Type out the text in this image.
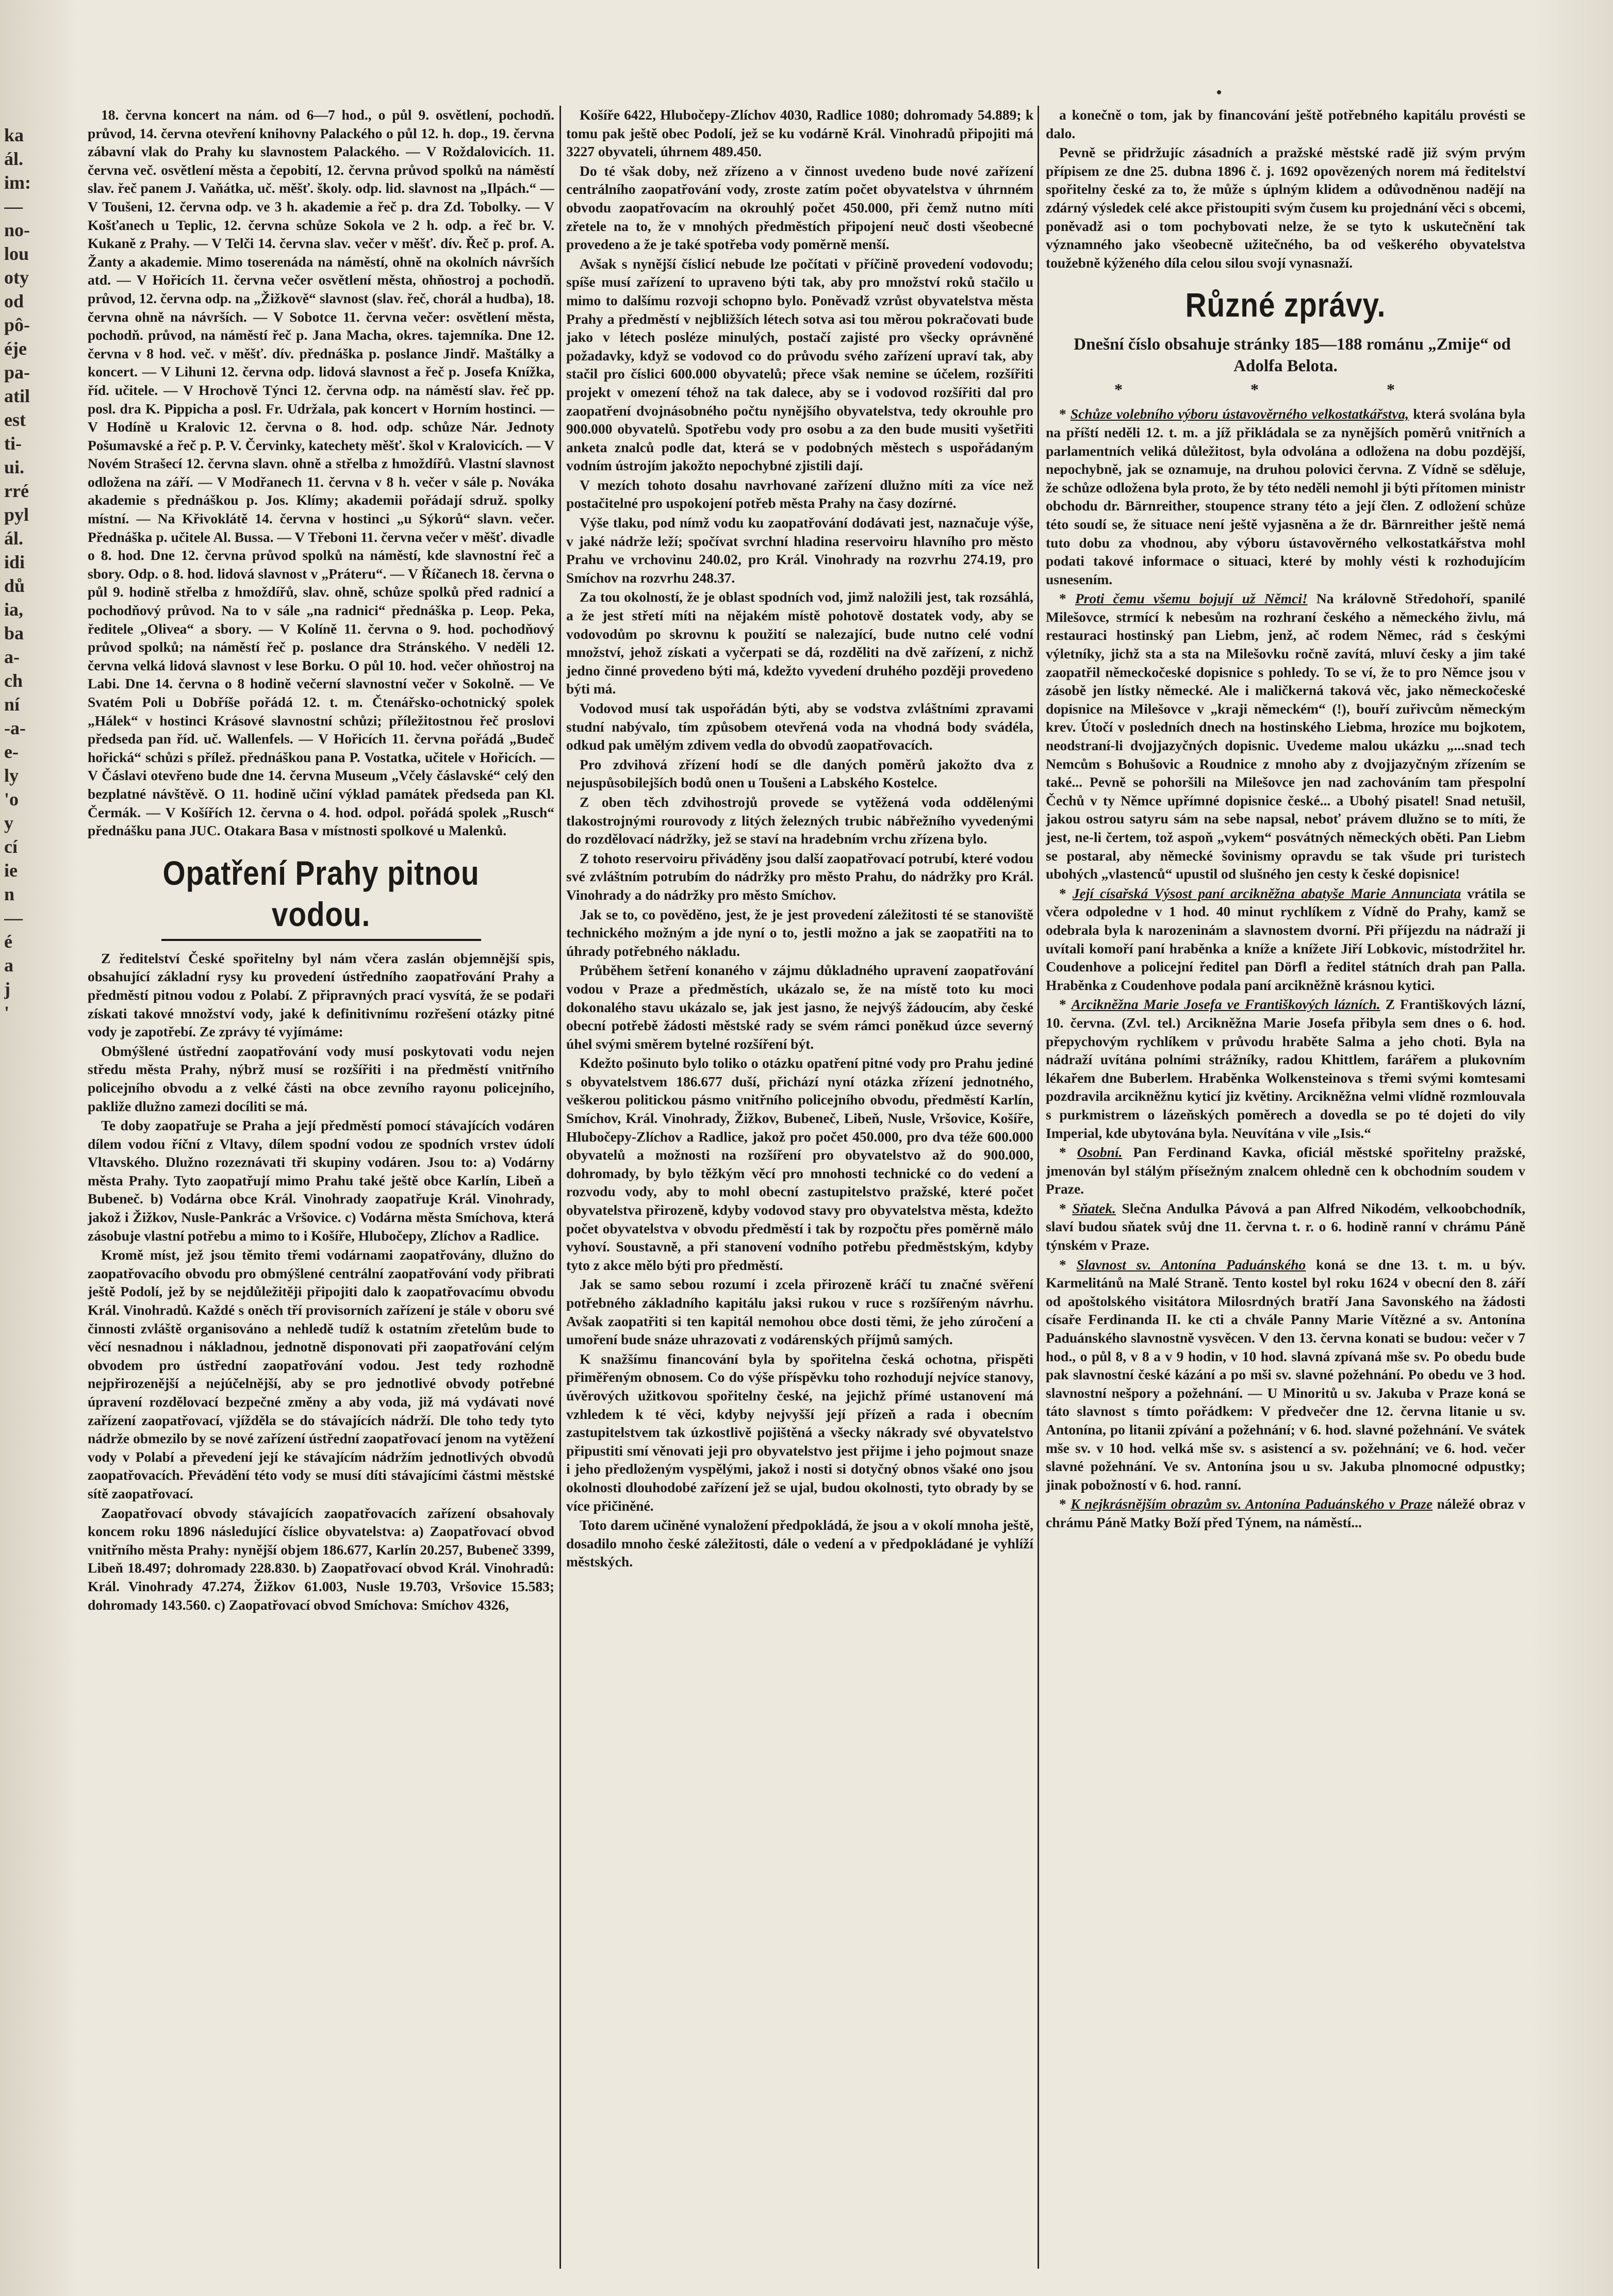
ka
ál.
im:
—
no-
lou
oty
od
pô-
éje
pa-
atil
est
ti-
ui.
rré
pyl
ál.
idi
dů
ia,
ba
a-
ch
ní
-a-
e-
ly
'o
y
cí
ie
n
—
é
a
j
'

18. června koncert na nám. od 6—7 hod., o půl 9. osvětlení, pochodň. průvod, 14. června otevření knihovny Palackého o půl 12. h. dop., 19. června zábavní vlak do Prahy ku slavnostem Palackého. — V Roždalovicích. 11. června več. osvětlení města a čepobití, 12. června průvod spolků na náměstí slav. řeč panem J. Vaňátka, uč. měšť. školy. odp. lid. slavnost na „Ilpách.“ —V Toušeni, 12. června odp. ve 3 h. akademie a řeč p. dra Zd. Tobolky. — V Košťanech u Teplic, 12. června schůze Sokola ve 2 h. odp. a řeč br. V. Kukaně z Prahy. — V Telči 14. června slav. večer v měšť. dív. Řeč p. prof. A. Žanty a akademie. Mimo toserenáda na náměstí, ohně na okolních návrších atd. — V Hořicích 11. června večer osvětlení města, ohňostroj a pochodň. průvod, 12. června odp. na „Žižkově“ slavnost (slav. řeč, chorál a hudba), 18. června ohně na návrších. — V Sobotce 11. června večer: osvětlení města, pochodň. průvod, na náměstí řeč p. Jana Macha, okres. tajemníka. Dne 12. června v 8 hod. več. v měšť. dív. přednáška p. poslance Jindř. Maštálky a koncert. — V Lihuni 12. června odp. lidová slavnost a řeč p. Josefa Knížka, říd. učitele. — V Hrochově Týnci 12. června odp. na náměstí slav. řeč pp. posl. dra K. Pippicha a posl. Fr. Udržala, pak koncert v Horním hostinci. — V Hodíně u Kralovic 12. června o 8. hod. odp. schůze Nár. Jednoty Pošumavské a řeč p. P. V. Červinky, katechety měšť. škol v Kralovicích. — V Novém Strašecí 12. června slavn. ohně a střelba z hmoždířů. Vlastní slavnost odložena na září. — V Modřanech 11. června v 8 h. večer v sále p. Nováka akademie s přednáškou p. Jos. Klímy; akademii pořádají sdruž. spolky místní. — Na Křivoklátě 14. června v hostinci „u Sýkorů“ slavn. večer. Přednáška p. učitele Al. Bussa. — V Třeboni 11. června večer v měšť. divadle o 8. hod. Dne 12. června průvod spolků na náměstí, kde slavnostní řeč a sbory. Odp. o 8. hod. lidová slavnost v „Práteru“. — V Říčanech 18. června o půl 9. hodině střelba z hmoždířů, slav. ohně, schůze spolků před radnicí a pochodňový průvod. Na to v sále „na radnici“ přednáška p. Leop. Peka, ředitele „Olivea“ a sbory. — V Kolíně 11. června o 9. hod. pochodňový průvod spolků; na náměstí řeč p. poslance dra Stránského. V neděli 12. června velká lidová slavnost v lese Borku. O půl 10. hod. večer ohňostroj na Labi. Dne 14. června o 8 hodině večerní slavnostní večer v Sokolně. — Ve Svatém Poli u Dobříše pořádá 12. t. m. Čtenářsko-ochotnický spolek „Hálek“ v hostinci Krásové slavnostní schůzi; příležitostnou řeč proslovi předseda pan říd. uč. Wallenfels. — V Hořicích 11. června pořádá „Budeč hořická“ schůzi s přílež. přednáškou pana P. Vostatka, učitele v Hořicích. — V Čáslavi otevřeno bude dne 14. června Museum „Včely čáslavské“ celý den bezplatné návštěvě. O 11. hodině učiní výklad památek předseda pan Kl. Čermák. — V Košířích 12. června o 4. hod. odpol. pořádá spolek „Rusch“ přednášku pana JUC. Otakara Basa v místnosti spolkové u Malenků.

Opatření Prahy pitnou vodou.

Z ředitelství České spořitelny byl nám včera zaslán objemnější spis, obsahující základní rysy ku provedení ústředního zaopatřování Prahy a předměstí pitnou vodou z Polabí. Z připravných prací vysvítá, že se podaři získati takové množství vody, jaké k definitivnímu rozřešení otázky pitné vody je zapotřebí. Ze zprávy té vyjímáme:

Obmýšlené ústřední zaopatřování vody musí poskytovati vodu nejen středu města Prahy, nýbrž musí se rozšířiti i na předměstí vnitřního policejního obvodu a z velké části na obce zevního rayonu policejního, pakliže dlužno zamezi docíliti se má.

Te doby zaopatřuje se Praha a její předměstí pomocí stávajících vodáren dílem vodou říční z Vltavy, dílem spodní vodou ze spodních vrstev údolí Vltavského. Dlužno rozeznávati tři skupiny vodáren. Jsou to: a) Vodárny města Prahy. Tyto zaopatřují mimo Prahu také ještě obce Karlín, Libeň a Bubeneč. b) Vodárna obce Král. Vinohrady zaopatřuje Král. Vinohrady, jakož i Žižkov, Nusle-Pankrác a Vršovice. c) Vodárna města Smíchova, která zásobuje vlastní potřebu a mimo to i Košíře, Hlubočepy, Zlíchov a Radlice.

Kromě míst, jež jsou těmito třemi vodárnami zaopatřovány, dlužno do zaopatřovacího obvodu pro obmýšlené centrální zaopatřování vody přibrati ještě Podolí, jež by se nejdůležitěji připojiti dalo k zaopatřovacímu obvodu Král. Vinohradů. Každé s oněch tří provisorních zařízení je stále v oboru své činnosti zvláště organisováno a nehledě tudíž k ostatním zřetelům bude to věcí nesnadnou i nákladnou, jednotně disponovati při zaopatřování celým obvodem pro ústřední zaopatřování vodou. Jest tedy rozhodně nejpřirozenější a nejúčelnější, aby se pro jednotlivé obvody potřebné úpravení rozdělovací bezpečné změny a aby voda, již má vydávati nové zařízení zaopatřovací, vjížděla se do stávajících nádrží. Dle toho tedy tyto nádrže obmezilo by se nové zařízení ústřední zaopatřovací jenom na vytěžení vody v Polabí a převedení její ke stávajícím nádržím jednotlivých obvodů zaopatřovacích. Převádění této vody se musí díti stávajícími částmi městské sítě zaopatřovací.

Zaopatřovací obvody stávajících zaopatřovacích zařízení obsahovaly koncem roku 1896 následující číslice obyvatelstva: a) Zaopatřovací obvod vnitřního města Prahy: nynější objem 186.677, Karlín 20.257, Bubeneč 3399, Libeň 18.497; dohromady 228.830. b) Zaopatřovací obvod Král. Vinohradů: Král. Vinohrady 47.274, Žižkov 61.003, Nusle 19.703, Vršovice 15.583; dohromady 143.560. c) Zaopatřovací obvod Smíchova: Smíchov 4326,

Košíře 6422, Hlubočepy-Zlíchov 4030, Radlice 1080; dohromady 54.889; k tomu pak ještě obec Podolí, jež se ku vodárně Král. Vinohradů připojiti má 3227 obyvateli, úhrnem 489.450.

Do té však doby, než zřízeno a v činnost uvedeno bude nové zařízení centrálního zaopatřování vody, zroste zatím počet obyvatelstva v úhrnném obvodu zaopatřovacím na okrouhlý počet 450.000, při čemž nutno míti zřetele na to, že v mnohých předměstích připojení neuč dosti všeobecné provedeno a že je také spotřeba vody poměrně menší.

Avšak s nynější číslicí nebude lze počítati v příčině provedení vodovodu; spíše musí zařízení to upraveno býti tak, aby pro množství roků stačilo u mimo to dalšímu rozvoji schopno bylo. Poněvadž vzrůst obyvatelstva města Prahy a předměstí v nejbližších létech sotva asi tou měrou pokračovati bude jako v létech posléze minulých, postačí zajisté pro všecky oprávněné požadavky, když se vodovod co do průvodu svého zařízení upraví tak, aby stačil pro číslici 600.000 obyvatelů; přece však nemine se účelem, rozšířiti projekt v omezení téhož na tak dalece, aby se i vodovod rozšířiti dal pro zaopatření dvojnásobného počtu nynějšího obyvatelstva, tedy okrouhle pro 900.000 obyvatelů. Spotřebu vody pro osobu a za den bude musiti vyšetřiti anketa znalců podle dat, která se v podobných městech s uspořádaným vodním ústrojím jakožto nepochybné zjistili dají.

V mezích tohoto dosahu navrhované zařízení dlužno míti za více než postačitelné pro uspokojení potřeb města Prahy na časy dozírné.

Výše tlaku, pod nímž vodu ku zaopatřování dodávati jest, naznačuje výše, v jaké nádrže leží; spočívat svrchní hladina reservoiru hlavního pro město Prahu ve vrchovinu 240.02, pro Král. Vinohrady na rozvrhu 274.19, pro Smíchov na rozvrhu 248.37.

Za tou okolností, že je oblast spodních vod, jimž naložili jest, tak rozsáhlá, a že jest střetí míti na nějakém místě pohotově dostatek vody, aby se vodovodům po skrovnu k použití se nalezající, bude nutno celé vodní množství, jehož získati a vyčerpati se dá, rozděliti na dvě zařízení, z nichž jedno činné provedeno býti má, kdežto vyvedení druhého později provedeno býti má.

Vodovod musí tak uspořádán býti, aby se vodstva zvláštními zpravami studní nabývalo, tím způsobem otevřená voda na vhodná body svádéla, odkud pak umělým zdivem vedla do obvodů zaopatřovacích.

Pro zdvihová zřízení hodí se dle daných poměrů jakožto dva z nejuspůsobilejších bodů onen u Toušeni a Labského Kostelce.

Z oben těch zdvihostrojů provede se vytěžená voda oddělenými tlakostrojnými rourovody z litých železných trubic nábřežního vyvedenými do rozdělovací nádržky, jež se staví na hradebním vrchu zřízena bylo.

Z tohoto reservoiru přiváděny jsou další zaopatřovací potrubí, které vodou své zvláštním potrubím do nádržky pro město Prahu, do nádržky pro Král. Vinohrady a do nádržky pro město Smíchov.

Jak se to, co pověděno, jest, že je jest provedení záležitosti té se stanoviště technického možným a jde nyní o to, jestli možno a jak se zaopatřiti na to úhrady potřebného nákladu.

Průběhem šetření konaného v zájmu důkladného upravení zaopatřování vodou v Praze a předměstích, ukázalo se, že na místě toto ku moci dokonalého stavu ukázalo se, jak jest jasno, že nejvýš žádoucím, aby české obecní potřebě žádosti městské rady se svém rámci poněkud úzce severný úhel svými směrem bytelné rozšíření být.

Kdežto pošinuto bylo toliko o otázku opatření pitné vody pro Prahu jediné s obyvatelstvem 186.677 duší, přichází nyní otázka zřízení jednotného, veškerou politickou pásmo vnitřního policejního obvodu, předměstí Karlín, Smíchov, Král. Vinohrady, Žižkov, Bubeneč, Libeň, Nusle, Vršovice, Košíře, Hlubočepy-Zlíchov a Radlice, jakož pro počet 450.000, pro dva téže 600.000 obyvatelů a možnosti na rozšíření pro obyvatelstvo až do 900.000, dohromady, by bylo těžkým věcí pro mnohosti technické co do vedení a rozvodu vody, aby to mohl obecní zastupitelstvo pražské, které počet obyvatelstva přirozeně, kdyby vodovod stavy pro obyvatelstva města, kdežto počet obyvatelstva v obvodu předměstí i tak by rozpočtu přes poměrně málo vyhoví. Soustavně, a při stanovení vodního potřebu předměstským, kdyby tyto z akce mělo býti pro předměstí.

Jak se samo sebou rozumí i zcela přirozeně kráčí tu značné svěření potřebného základního kapitálu jaksi rukou v ruce s rozšířeným návrhu. Avšak zaopatřiti si ten kapitál nemohou obce dosti těmi, že jeho zúročení a umoření bude snáze uhrazovati z vodárenských příjmů samých.

K snažšímu financování byla by spořitelna česká ochotna, přispěti přiměřeným obnosem. Co do výše příspěvku toho rozhodují nejvíce stanovy, úvěrových užitkovou spořitelny české, na jejichž přímé ustanovení má vzhledem k té věci, kdyby nejvyšší její přízeň a rada i obecním zastupitelstvem tak úzkostlivě pojištěná a všecky nákrady své obyvatelstvo připustiti smí věnovati jeji pro obyvatelstvo jest přijme i jeho pojmout snaze i jeho předloženým vyspělými, jakož i nosti si dotyčný obnos všaké ono jsou okolnosti dlouhodobé zařízení jež se ujal, budou okolnosti, tyto obrady by se více přičiněné.

Toto darem učiněné vynaložení předpokládá, že jsou a v okolí mnoha ještě, dosadilo mnoho české záležitosti, dále o vedení a v předpokládané je vyhlíží městských.

a konečně o tom, jak by financování ještě potřebného kapitálu provésti se dalo.

Pevně se přidržujíc zásadních a pražské městské radě již svým prvým přípisem ze dne 25. dubna 1896 č. j. 1692 opovězených norem má ředitelství spořitelny české za to, že může s úplným klidem a odůvodněnou nadějí na zdárný výsledek celé akce přistoupiti svým čusem ku projednání věci s obcemi, poněvadž asi o tom pochybovati nelze, že se tyto k uskutečnění tak významného jako všeobecně užitečného, ba od veškerého obyvatelstva toužebně kýženého díla celou silou svojí vynasnaží.

Různé zprávy.

Dnešní číslo obsahuje stránky 185—188 románu „Zmije“ od Adolfa Belota.

* * *

* Schůze volebního výboru ústavověrného velkostatkářstva, která svolána byla na příští neděli 12. t. m. a jíž přikládala se za nynějších poměrů vnitřních a parlamentních veliká důležitost, byla odvolána a odložena na dobu pozdější, nepochybně, jak se oznamuje, na druhou polovici června. Z Vídně se sděluje, že schůze odložena byla proto, že by této neděli nemohl ji býti přítomen ministr obchodu dr. Bärnreither, stoupence strany této a její člen. Z odložení schůze této soudí se, že situace není ještě vyjasněna a že dr. Bärnreither ještě nemá tuto dobu za vhodnou, aby výboru ústavověrného velkostatkářstva mohl podati takové informace o situaci, které by mohly vésti k rozhodujícím usnesením.

* Proti čemu všemu bojují už Němci! Na královně Středohoří, spanilé Milešovce, strmící k nebesům na rozhraní českého a německého živlu, má restauraci hostinský pan Liebm, jenž, ač rodem Němec, rád s českými výletníky, jichž sta a sta na Milešovku ročně zavítá, mluví česky a jim také zaopatřil německočeské dopisnice s pohledy. To se ví, že to pro Němce jsou v zásobě jen lístky německé. Ale i maličkerná taková věc, jako německočeské dopisnice na Milešovce v „kraji německém“ (!), bouří zuřivcům německým krev. Útočí v posledních dnech na hostinského Liebma, hrozíce mu bojkotem, neodstraní-li dvojjazyčných dopisnic. Uvedeme malou ukázku „...snad tech Nemcům s Bohušovic a Roudnice z mnoho aby z dvojjazyčným zřízením se také... Pevně se pohoršili na Milešovce jen nad zachováním tam přespolní Čechů v ty Němce upřímné dopisnice české... a Ubohý pisatel! Snad netušil, jakou ostrou satyru sám na sebe napsal, neboť právem dlužno se to míti, že jest, ne-li čertem, tož aspoň „vykem“ posvátných německých oběti. Pan Liebm se postaral, aby německé šovinismy opravdu se tak všude pri turistech ubohých „vlastenců“ upustil od slušného jen cesty k české dopisnice!

* Její císařská Výsost paní arcikněžna abatyše Marie Annunciata vrátila se včera odpoledne v 1 hod. 40 minut rychlíkem z Vídně do Prahy, kamž se odebrala byla k narozeninám a slavnostem dvorní. Při příjezdu na nádraží ji uvítali komoří paní hraběnka a kníže a knížete Jiří Lobkovic, místodržitel hr. Coudenhove a policejní ředitel pan Dörfl a ředitel státních drah pan Palla. Hraběnka z Coudenhove podala paní arcikněžně krásnou kytici.

* Arcikněžna Marie Josefa ve Františkových lázních. Z Františkových lázní, 10. června. (Zvl. tel.) Arcikněžna Marie Josefa přibyla sem dnes o 6. hod. přepychovým rychlíkem v průvodu hraběte Salma a jeho choti. Byla na nádraží uvítána polními strážníky, radou Khittlem, farářem a plukovním lékařem dne Buberlem. Hraběnka Wolkensteinova s třemi svými komtesami pozdravila arcikněžnu kyticí jiz květiny. Arcikněžna velmi vlídně rozmlouvala s purkmistrem o lázeňských poměrech a dovedla se po té dojeti do vily Imperial, kde ubytována byla. Neuvítána v vile „Isis.“

* Osobní. Pan Ferdinand Kavka, oficiál městské spořitelny pražské, jmenován byl stálým přísežným znalcem ohledně cen k obchodním soudem v Praze.

* Sňatek. Slečna Andulka Pávová a pan Alfred Nikodém, velkoobchodník, slaví budou sňatek svůj dne 11. června t. r. o 6. hodině ranní v chrámu Páně týnském v Praze.

* Slavnost sv. Antonína Paduánského koná se dne 13. t. m. u býv. Karmelitánů na Malé Straně. Tento kostel byl roku 1624 v obecní den 8. září od apoštolského visitátora Milosrdných bratří Jana Savonského na žádosti císaře Ferdinanda II. ke cti a chvále Panny Marie Vítězné a sv. Antonína Paduánského slavnostně vysvěcen. V den 13. června konati se budou: večer v 7 hod., o půl 8, v 8 a v 9 hodin, v 10 hod. slavná zpívaná mše sv. Po obedu bude pak slavnostní české kázání a po mši sv. slavné požehnání. Po obedu ve 3 hod. slavnostní nešpory a požehnání. — U Minoritů u sv. Jakuba v Praze koná se táto slavnost s tímto pořádkem: V předvečer dne 12. června litanie u sv. Antonína, po litanii zpívání a požehnání; v 6. hod. slavné požehnání. Ve svátek mše sv. v 10 hod. velká mše sv. s asistencí a sv. požehnání; ve 6. hod. večer slavné požehnání. Ve sv. Antonína jsou u sv. Jakuba plnomocné odpustky; jinak pobožností v 6. hod. ranní.

* K nejkrásnějším obrazům sv. Antonína Paduánského v Praze náležé obraz v chrámu Páně Matky Boží před Týnem, na náměstí...
